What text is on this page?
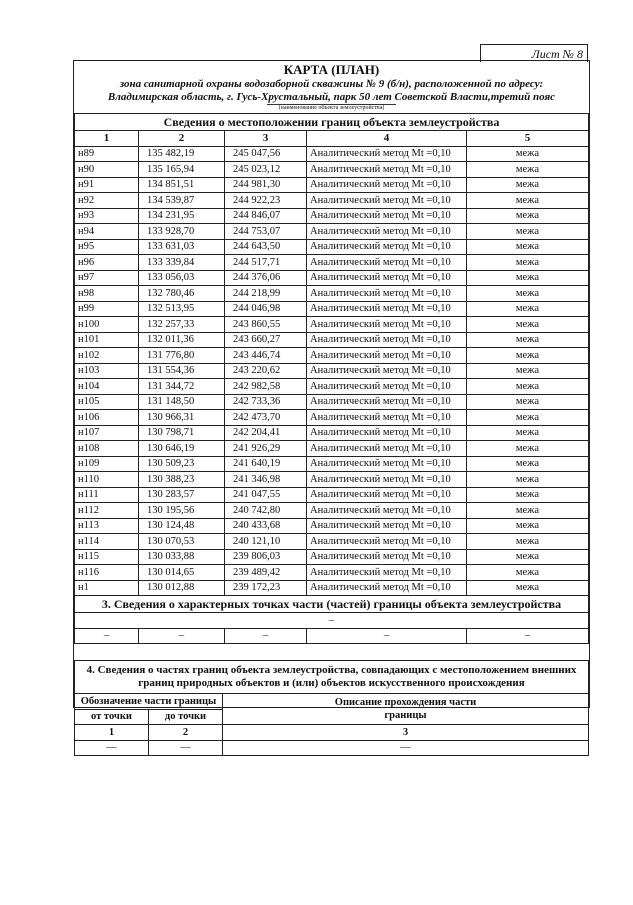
Лист № 8
КАРТА (ПЛАН)
зона санитарной охраны водозаборной скважины № 9 (б/н), расположенной по адресу:
Владимирская область, г. Гусь-Хрустальный, парк 50 лет Советской Власти,третий пояс
(наименование объекта землеустройства)
Сведения о местоположении границ объекта землеустройства				
1	2	3	4	5
н89	135 482,19	245 047,56	Аналитический метод Mt =0,10	межа
н90	135 165,94	245 023,12	Аналитический метод Mt =0,10	межа
н91	134 851,51	244 981,30	Аналитический метод Mt =0,10	межа
н92	134 539,87	244 922,23	Аналитический метод Mt =0,10	межа
н93	134 231,95	244 846,07	Аналитический метод Mt =0,10	межа
н94	133 928,70	244 753,07	Аналитический метод Mt =0,10	межа
н95	133 631,03	244 643,50	Аналитический метод Mt =0,10	межа
н96	133 339,84	244 517,71	Аналитический метод Mt =0,10	межа
н97	133 056,03	244 376,06	Аналитический метод Mt =0,10	межа
н98	132 780,46	244 218,99	Аналитический метод Mt =0,10	межа
н99	132 513,95	244 046,98	Аналитический метод Mt =0,10	межа
н100	132 257,33	243 860,55	Аналитический метод Mt =0,10	межа
н101	132 011,36	243 660,27	Аналитический метод Mt =0,10	межа
н102	131 776,80	243 446,74	Аналитический метод Mt =0,10	межа
н103	131 554,36	243 220,62	Аналитический метод Mt =0,10	межа
н104	131 344,72	242 982,58	Аналитический метод Mt =0,10	межа
н105	131 148,50	242 733,36	Аналитический метод Mt =0,10	межа
н106	130 966,31	242 473,70	Аналитический метод Mt =0,10	межа
н107	130 798,71	242 204,41	Аналитический метод Mt =0,10	межа
н108	130 646,19	241 926,29	Аналитический метод Mt =0,10	межа
н109	130 509,23	241 640,19	Аналитический метод Mt =0,10	межа
н110	130 388,23	241 346,98	Аналитический метод Mt =0,10	межа
н111	130 283,57	241 047,55	Аналитический метод Mt =0,10	межа
н112	130 195,56	240 742,80	Аналитический метод Mt =0,10	межа
н113	130 124,48	240 433,68	Аналитический метод Mt =0,10	межа
н114	130 070,53	240 121,10	Аналитический метод Mt =0,10	межа
н115	130 033,88	239 806,03	Аналитический метод Mt =0,10	межа
н116	130 014,65	239 489,42	Аналитический метод Mt =0,10	межа
н1	130 012,88	239 172,23	Аналитический метод Mt =0,10	межа
3. Сведения о характерных точках части (частей) границы объекта землеустройства				
–				
–	–	–	–	–
4. Сведения о частях границ объекта землеустройства, совпадающих с местоположением внешних границ природных объектов и (или) объектов искусственного происхождения		
Обозначение части границы		Описание прохождения части границы
от точки	до точки	
1	2	3
—	—	—
